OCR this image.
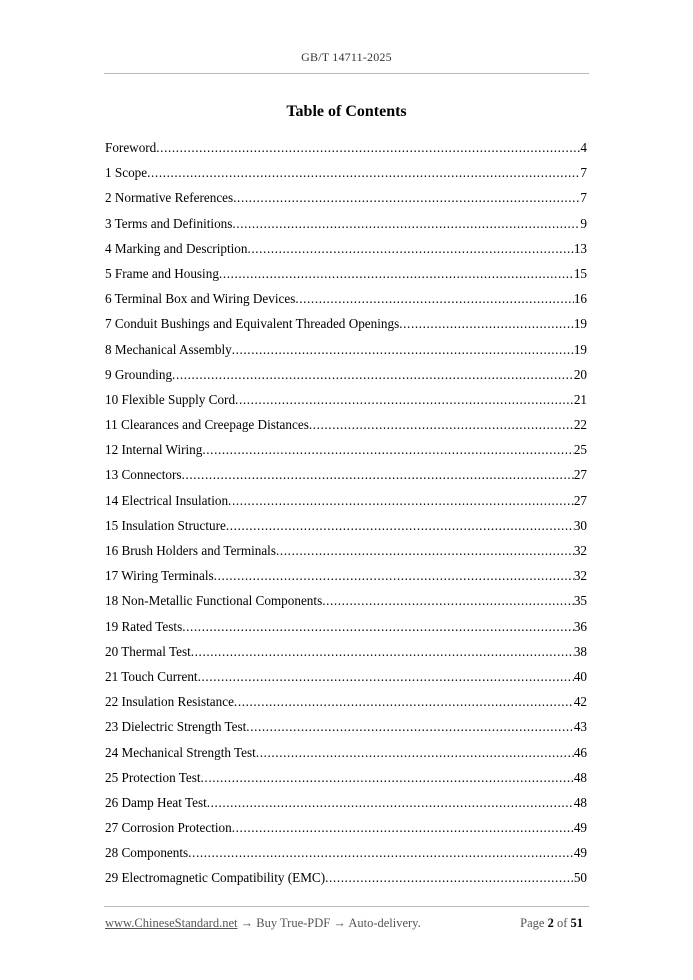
GB/T 14711-2025
Table of Contents
Foreword .....	4
1 Scope .....	7
2 Normative References .....	7
3 Terms and Definitions .....	9
4 Marking and Description .....	13
5 Frame and Housing .....	15
6 Terminal Box and Wiring Devices .....	16
7 Conduit Bushings and Equivalent Threaded Openings .....	19
8 Mechanical Assembly .....	19
9 Grounding .....	20
10 Flexible Supply Cord .....	21
11 Clearances and Creepage Distances .....	22
12 Internal Wiring .....	25
13 Connectors .....	27
14 Electrical Insulation .....	27
15 Insulation Structure .....	30
16 Brush Holders and Terminals .....	32
17 Wiring Terminals .....	32
18 Non-Metallic Functional Components .....	35
19 Rated Tests .....	36
20 Thermal Test .....	38
21 Touch Current .....	40
22 Insulation Resistance .....	42
23 Dielectric Strength Test .....	43
24 Mechanical Strength Test .....	46
25 Protection Test .....	48
26 Damp Heat Test .....	48
27 Corrosion Protection .....	49
28 Components .....	49
29 Electromagnetic Compatibility (EMC) .....	50
www.ChineseStandard.net → Buy True-PDF → Auto-delivery.	Page 2 of 51
